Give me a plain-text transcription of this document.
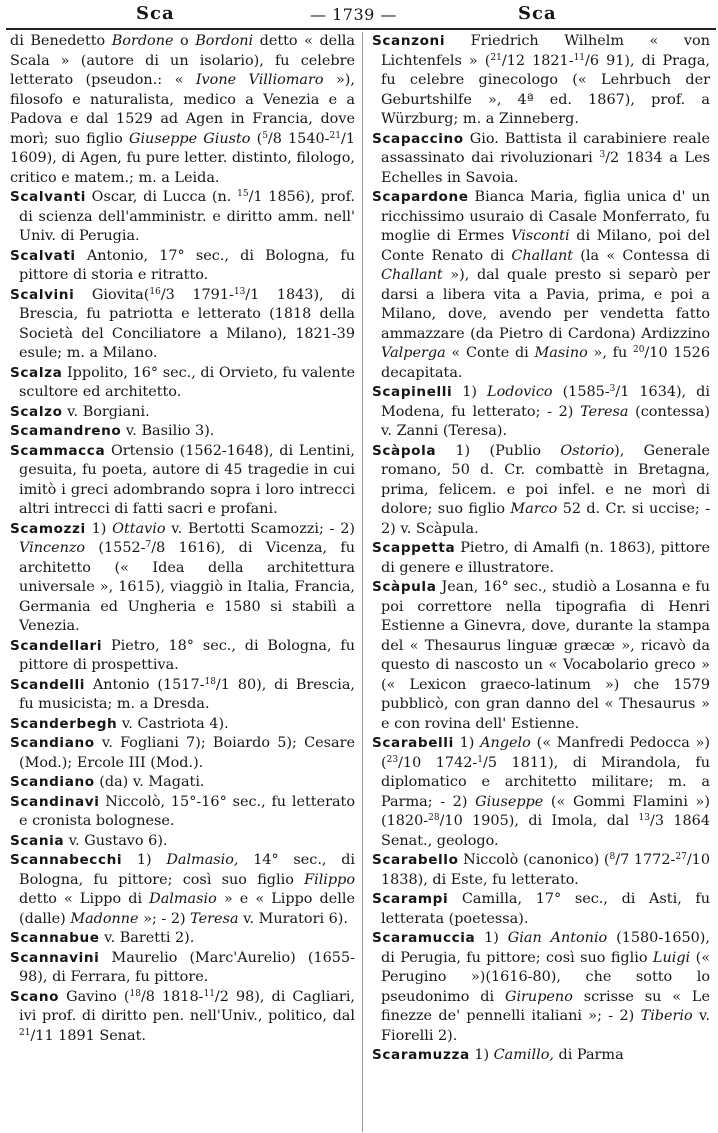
Sca	— 1739 —	Sca

di Benedetto Bordone o Bordoni detto « della Scala » (autore di un isolario), fu celebre letterato (pseudon.: « Ivone Villiomaro »), filosofo e naturalista, medico a Venezia e a Padova e dal 1529 ad Agen in Francia, dove morì; suo figlio Giuseppe Giusto ($^5$/8 1540-$^{21}$/1 1609), di Agen, fu pure letter. distinto, filologo, critico e matem.; m. a Leida.

Scalvanti Oscar, di Lucca (n. $^{15}$/1 1856), prof. di scienza dell'amministr. e diritto amm. nell' Univ. di Perugia.

Scalvati Antonio, 17° sec., di Bologna, fu pittore di storia e ritratto.

Scalvini Giovita($^{16}$/3 1791-$^{13}$/1 1843), di Brescia, fu patriotta e letterato (1818 della Società del Conciliatore a Milano), 1821-39 esule; m. a Milano.

Scalza Ippolito, 16° sec., di Orvieto, fu valente scultore ed architetto.

Scalzo v. Borgiani.

Scamandreno v. Basilio 3).

Scammacca Ortensio (1562-1648), di Lentini, gesuita, fu poeta, autore di 45 tragedie in cui imitò i greci adombrando sopra i loro intrecci altri intrecci di fatti sacri e profani.

Scamozzi 1) Ottavio v. Bertotti Scamozzi; - 2) Vincenzo (1552-$^7$/8 1616), di Vicenza, fu architetto (« Idea della architettura universale », 1615), viaggiò in Italia, Francia, Germania ed Ungheria e 1580 si stabilì a Venezia.

Scandellari Pietro, 18° sec., di Bologna, fu pittore di prospettiva.

Scandelli Antonio (1517-$^{18}$/1 80), di Brescia, fu musicista; m. a Dresda.

Scanderbegh v. Castriota 4).

Scandiano v. Fogliani 7); Boiardo 5); Cesare (Mod.); Ercole III (Mod.).

Scandiano (da) v. Magati.

Scandinavi Niccolò, 15°-16° sec., fu letterato e cronista bolognese.

Scania v. Gustavo 6).

Scannabecchi 1) Dalmasio, 14° sec., di Bologna, fu pittore; così suo figlio Filippo detto « Lippo di Dalmasio » e « Lippo delle (dalle) Madonne »; - 2) Teresa v. Muratori 6).

Scannabue v. Baretti 2).

Scannavini Maurelio (Marc'Aurelio) (1655-98), di Ferrara, fu pittore.

Scano Gavino ($^{18}$/8 1818-$^{11}$/2 98), di Cagliari, ivi prof. di diritto pen. nell'Univ., politico, dal $^{21}$/11 1891 Senat.

Scanzoni Friedrich Wilhelm « von Lichtenfels » ($^{21}$/12 1821-$^{11}$/6 91), di Praga, fu celebre ginecologo (« Lehrbuch der Geburtshilfe », 4ª ed. 1867), prof. a Würzburg; m. a Zinneberg.

Scapaccino Gio. Battista il carabiniere reale assassinato dai rivoluzionari $^3$/2 1834 a Les Echelles in Savoia.

Scapardone Bianca Maria, figlia unica d' un ricchissimo usuraio di Casale Monferrato, fu moglie di Ermes Visconti di Milano, poi del Conte Renato di Challant (la « Contessa di Challant »), dal quale presto si separò per darsi a libera vita a Pavia, prima, e poi a Milano, dove, avendo per vendetta fatto ammazzare (da Pietro di Cardona) Ardizzino Valperga « Conte di Masino », fu $^{20}$/10 1526 decapitata.

Scapinelli 1) Lodovico (1585-$^3$/1 1634), di Modena, fu letterato; - 2) Teresa (contessa) v. Zanni (Teresa).

Scàpola 1) (Publio Ostorio), Generale romano, 50 d. Cr. combattè in Bretagna, prima, felicem. e poi infel. e ne morì di dolore; suo figlio Marco 52 d. Cr. si uccise; - 2) v. Scàpula.

Scappetta Pietro, di Amalfi (n. 1863), pittore di genere e illustratore.

Scàpula Jean, 16° sec., studiò a Losanna e fu poi correttore nella tipografia di Henri Estienne a Ginevra, dove, durante la stampa del « Thesaurus linguæ græcæ », ricavò da questo di nascosto un « Vocabolario greco » (« Lexicon graeco-latinum ») che 1579 pubblicò, con gran danno del « Thesaurus » e con rovina dell' Estienne.

Scarabelli 1) Angelo (« Manfredi Pedocca ») ($^{23}$/10 1742-$^1$/5 1811), di Mirandola, fu diplomatico e architetto militare; m. a Parma; - 2) Giuseppe (« Gommi Flamini ») (1820-$^{28}$/10 1905), di Imola, dal $^{13}$/3 1864 Senat., geologo.

Scarabello Niccolò (canonico) ($^8$/7 1772-$^{27}$/10 1838), di Este, fu letterato.

Scarampi Camilla, 17° sec., di Asti, fu letterata (poetessa).

Scaramuccia 1) Gian Antonio (1580-1650), di Perugia, fu pittore; così suo figlio Luigi (« Perugino »)(1616-80), che sotto lo pseudonimo di Girupeno scrisse su « Le finezze de' pennelli italiani »; - 2) Tiberio v. Fiorelli 2).

Scaramuzza 1) Camillo, di Parma
